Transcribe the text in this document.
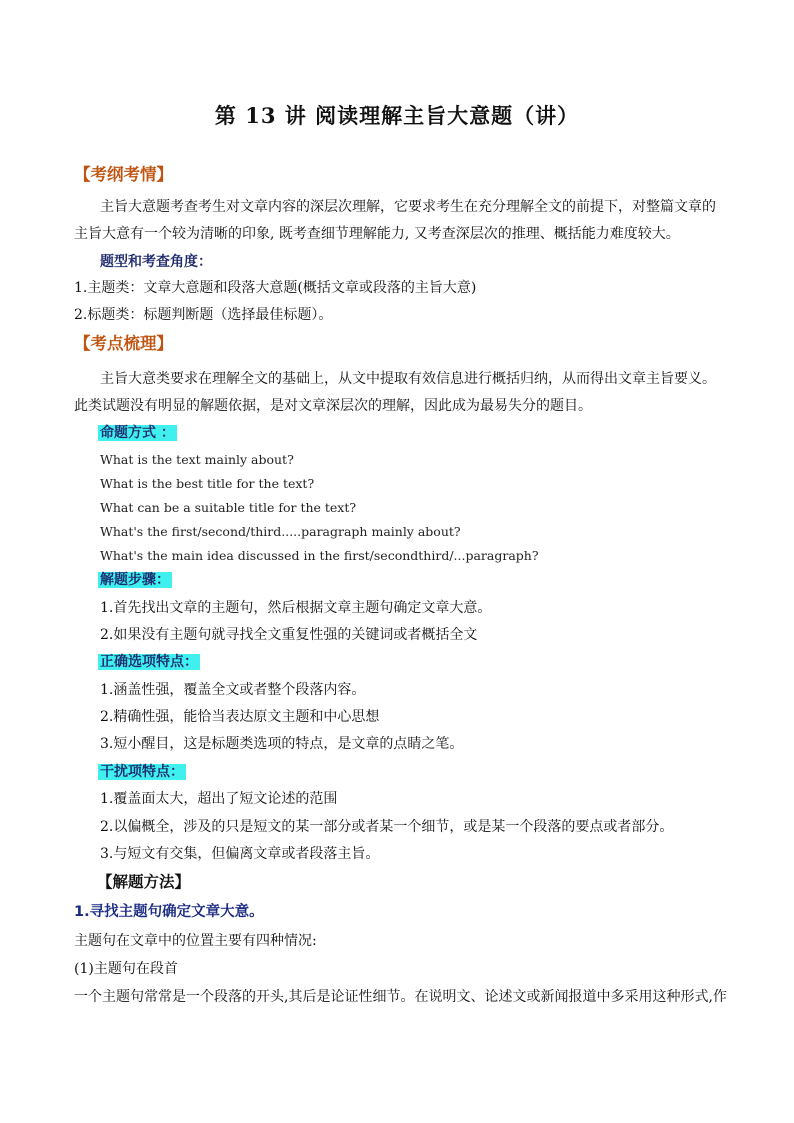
第 13 讲 阅读理解主旨大意题（讲）
【考纲考情】
主旨大意题考查考生对文章内容的深层次理解，它要求考生在充分理解全文的前提下，对整篇文章的
主旨大意有一个较为清晰的印象, 既考查细节理解能力, 又考查深层次的推理、概括能力难度较大。
题型和考查角度：
1.主题类：文章大意题和段落大意题(概括文章或段落的主旨大意)
2.标题类：标题判断题（选择最佳标题）。
【考点梳理】
主旨大意类要求在理解全文的基础上，从文中提取有效信息进行概括归纳，从而得出文章主旨要义。
此类试题没有明显的解题依据，是对文章深层次的理解，因此成为最易失分的题目。
命题方式 ：
What is the text mainly about?
What is the best title for the text?
What can be a suitable title for the text?
What's the first/second/third.....paragraph mainly about?
What's the main idea discussed in the first/secondthird/...paragraph?
解题步骤：
1.首先找出文章的主题句，然后根据文章主题句确定文章大意。
2.如果没有主题句就寻找全文重复性强的关键词或者概括全文
正确选项特点：
1.涵盖性强，覆盖全文或者整个段落内容。
2.精确性强，能恰当表达原文主题和中心思想
3.短小醒目，这是标题类选项的特点，是文章的点睛之笔。
干扰项特点：
1.覆盖面太大，超出了短文论述的范围
2.以偏概全，涉及的只是短文的某一部分或者某一个细节，或是某一个段落的要点或者部分。
3.与短文有交集，但偏离文章或者段落主旨。
【解题方法】
1.寻找主题句确定文章大意。
主题句在文章中的位置主要有四种情况:
(1)主题句在段首
一个主题句常常是一个段落的开头,其后是论证性细节。在说明文、论述文或新闻报道中多采用这种形式,作
